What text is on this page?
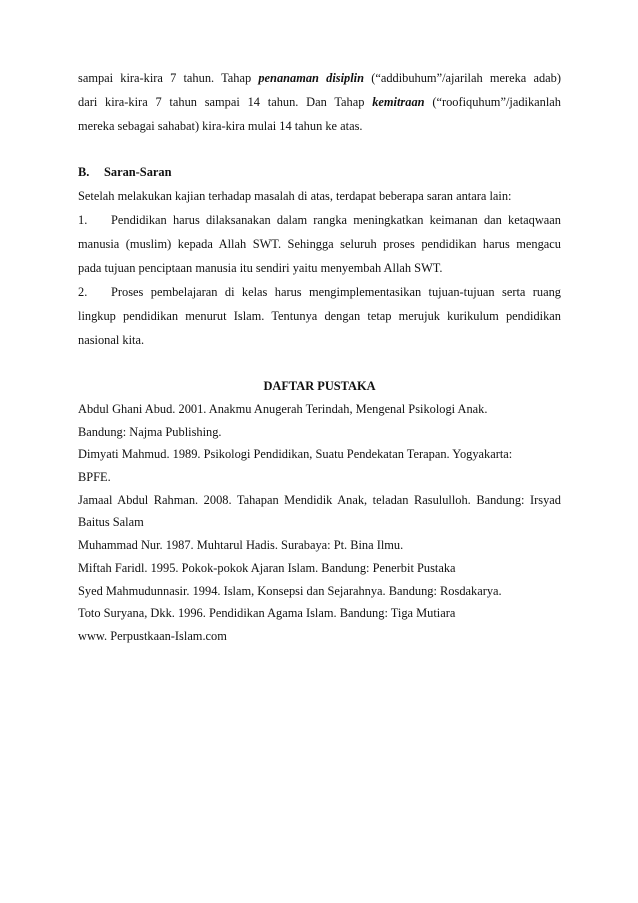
sampai kira-kira 7 tahun. Tahap penanaman disiplin (“addibuhum”/ajarilah mereka adab)
dari kira-kira 7 tahun sampai 14 tahun. Dan Tahap kemitraan (“roofiquhum”/jadikanlah
mereka sebagai sahabat) kira-kira mulai 14 tahun ke atas.
B. Saran-Saran
Setelah melakukan kajian terhadap masalah di atas, terdapat beberapa saran antara lain:
1. Pendidikan harus dilaksanakan dalam rangka meningkatkan keimanan dan ketaqwaan
manusia (muslim) kepada Allah SWT. Sehingga seluruh proses pendidikan harus mengacu
pada tujuan penciptaan manusia itu sendiri yaitu menyembah Allah SWT.
2. Proses pembelajaran di kelas harus mengimplementasikan tujuan-tujuan serta ruang
lingkup pendidikan menurut Islam. Tentunya dengan tetap merujuk kurikulum pendidikan
nasional kita.
DAFTAR PUSTAKA
Abdul Ghani Abud. 2001. Anakmu Anugerah Terindah, Mengenal Psikologi Anak.
Bandung: Najma Publishing.
Dimyati Mahmud. 1989. Psikologi Pendidikan, Suatu Pendekatan Terapan. Yogyakarta:
BPFE.
Jamaal Abdul Rahman. 2008. Tahapan Mendidik Anak, teladan Rasululloh. Bandung: Irsyad
Baitus Salam
Muhammad Nur. 1987. Muhtarul Hadis. Surabaya: Pt. Bina Ilmu.
Miftah Faridl. 1995. Pokok-pokok Ajaran Islam. Bandung: Penerbit Pustaka
Syed Mahmudunnasir. 1994. Islam, Konsepsi dan Sejarahnya. Bandung: Rosdakarya.
Toto Suryana, Dkk. 1996. Pendidikan Agama Islam. Bandung: Tiga Mutiara
www. Perpustkaan-Islam.com
